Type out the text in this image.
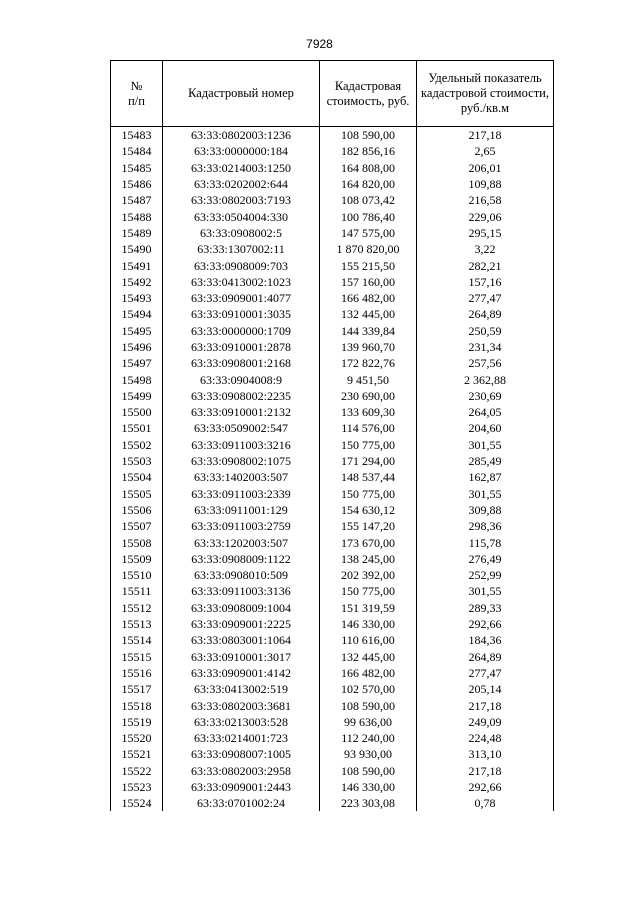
7928
№
п/п	Кадастровый номер	Кадастровая стоимость, руб.	Удельный показатель кадастровой стоимости, руб./кв.м
15483	63:33:0802003:1236	108 590,00	217,18
15484	63:33:0000000:184	182 856,16	2,65
15485	63:33:0214003:1250	164 808,00	206,01
15486	63:33:0202002:644	164 820,00	109,88
15487	63:33:0802003:7193	108 073,42	216,58
15488	63:33:0504004:330	100 786,40	229,06
15489	63:33:0908002:5	147 575,00	295,15
15490	63:33:1307002:11	1 870 820,00	3,22
15491	63:33:0908009:703	155 215,50	282,21
15492	63:33:0413002:1023	157 160,00	157,16
15493	63:33:0909001:4077	166 482,00	277,47
15494	63:33:0910001:3035	132 445,00	264,89
15495	63:33:0000000:1709	144 339,84	250,59
15496	63:33:0910001:2878	139 960,70	231,34
15497	63:33:0908001:2168	172 822,76	257,56
15498	63:33:0904008:9	9 451,50	2 362,88
15499	63:33:0908002:2235	230 690,00	230,69
15500	63:33:0910001:2132	133 609,30	264,05
15501	63:33:0509002:547	114 576,00	204,60
15502	63:33:0911003:3216	150 775,00	301,55
15503	63:33:0908002:1075	171 294,00	285,49
15504	63:33:1402003:507	148 537,44	162,87
15505	63:33:0911003:2339	150 775,00	301,55
15506	63:33:0911001:129	154 630,12	309,88
15507	63:33:0911003:2759	155 147,20	298,36
15508	63:33:1202003:507	173 670,00	115,78
15509	63:33:0908009:1122	138 245,00	276,49
15510	63:33:0908010:509	202 392,00	252,99
15511	63:33:0911003:3136	150 775,00	301,55
15512	63:33:0908009:1004	151 319,59	289,33
15513	63:33:0909001:2225	146 330,00	292,66
15514	63:33:0803001:1064	110 616,00	184,36
15515	63:33:0910001:3017	132 445,00	264,89
15516	63:33:0909001:4142	166 482,00	277,47
15517	63:33:0413002:519	102 570,00	205,14
15518	63:33:0802003:3681	108 590,00	217,18
15519	63:33:0213003:528	99 636,00	249,09
15520	63:33:0214001:723	112 240,00	224,48
15521	63:33:0908007:1005	93 930,00	313,10
15522	63:33:0802003:2958	108 590,00	217,18
15523	63:33:0909001:2443	146 330,00	292,66
15524	63:33:0701002:24	223 303,08	0,78
